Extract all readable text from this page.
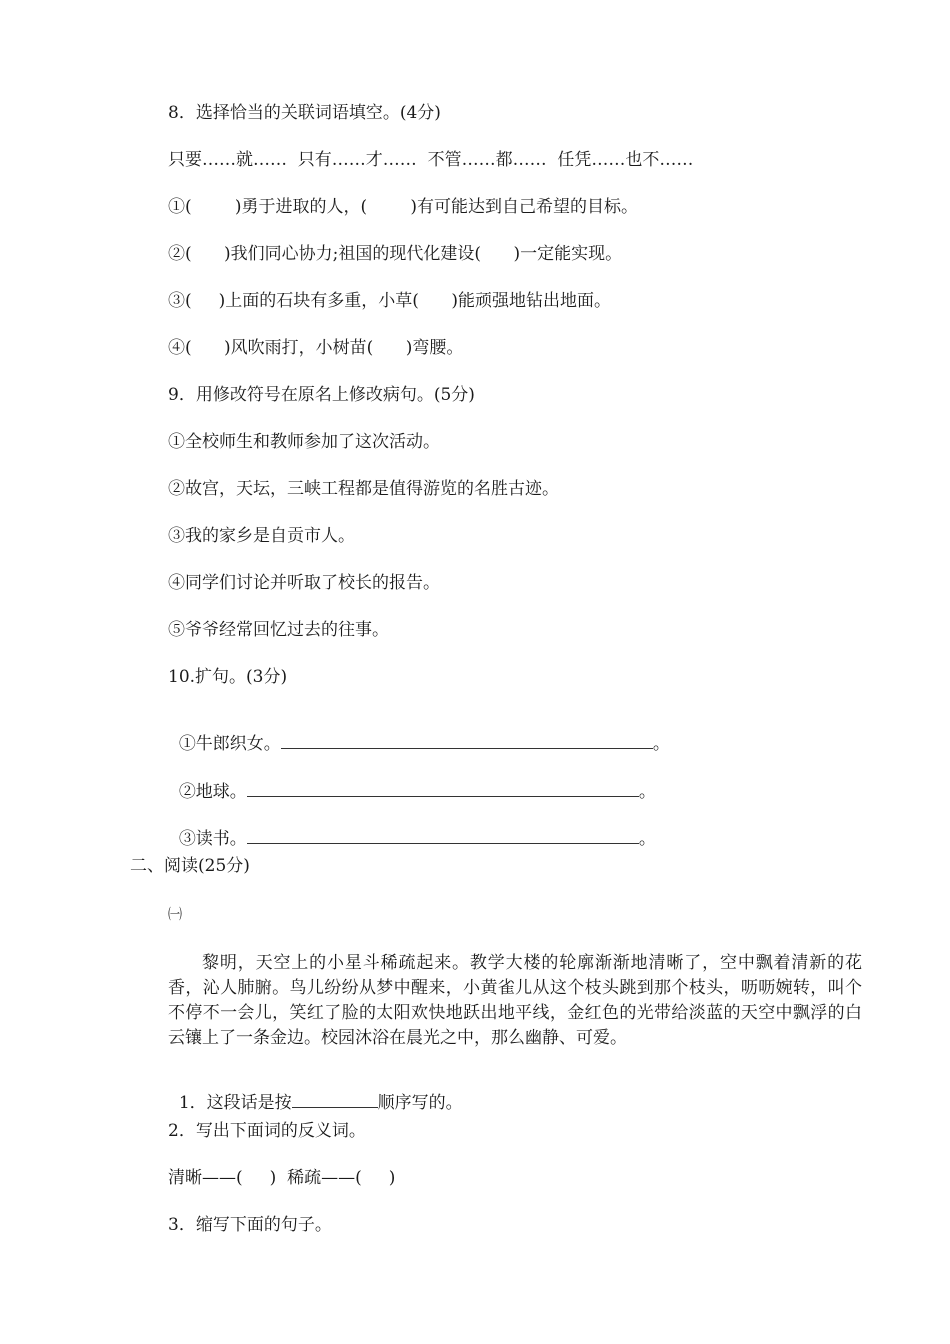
8．选择恰当的关联词语填空。(4分)
只要……就……  只有……才……  不管……都……  任凭……也不……
①(        )勇于进取的人，(        )有可能达到自己希望的目标。
②(      )我们同心协力;祖国的现代化建设(      )一定能实现。
③(     )上面的石块有多重，小草(      )能顽强地钻出地面。
④(      )风吹雨打，小树苗(      )弯腰。
9．用修改符号在原名上修改病句。(5分)
①全校师生和教师参加了这次活动。
②故宫，天坛，三峡工程都是值得游览的名胜古迹。
③我的家乡是自贡市人。
④同学们讨论并听取了校长的报告。
⑤爷爷经常回忆过去的往事。
10.扩句。(3分)

①牛郎织女。	。

②地球。	。

③读书。	。

二、阅读(25分)
㈠
黎明，天空上的小星斗稀疏起来。教学大楼的轮廓渐渐地清晰了，空中飘着清新的花香，沁人肺腑。鸟儿纷纷从梦中醒来，小黄雀儿从这个枝头跳到那个枝头，呖呖婉转，叫个不停不一会儿，笑红了脸的太阳欢快地跃出地平线，金红色的光带给淡蓝的天空中飘浮的白云镶上了一条金边。校园沐浴在晨光之中，那么幽静、可爱。

1．这段话是按	顺序写的。

2．写出下面词的反义词。
清晰——(     )  稀疏——(     )
3．缩写下面的句子。
